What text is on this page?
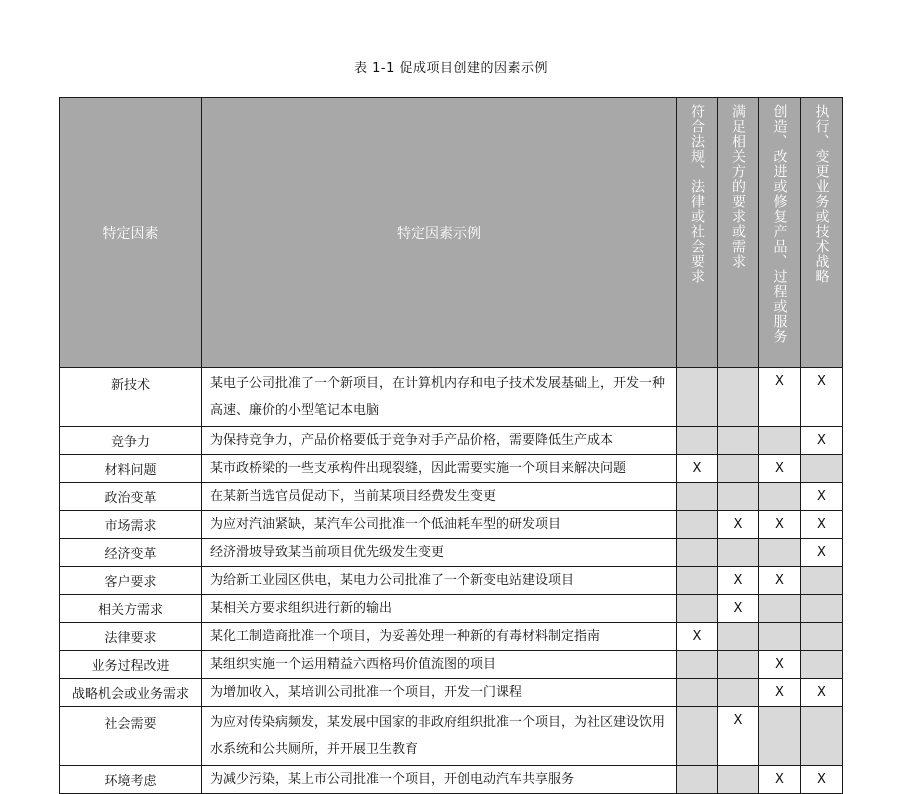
表 1-1 促成项目创建的因素示例
特定因素	特定因素示例	符合法规、法律或社会要求	满足相关方的要求或需求	创造、改进或修复产品、过程或服务	执行、变更业务或技术战略
新技术	某电子公司批准了一个新项目，在计算机内存和电子技术发展基础上，开发一种高速、廉价的小型笔记本电脑			X	X
竞争力	为保持竞争力，产品价格要低于竞争对手产品价格，需要降低生产成本				X
材料问题	某市政桥梁的一些支承构件出现裂缝，因此需要实施一个项目来解决问题	X		X	
政治变革	在某新当选官员促动下，当前某项目经费发生变更				X
市场需求	为应对汽油紧缺，某汽车公司批准一个低油耗车型的研发项目		X	X	X
经济变革	经济滑坡导致某当前项目优先级发生变更				X
客户要求	为给新工业园区供电，某电力公司批准了一个新变电站建设项目		X	X	
相关方需求	某相关方要求组织进行新的输出		X		
法律要求	某化工制造商批准一个项目，为妥善处理一种新的有毒材料制定指南	X			
业务过程改进	某组织实施一个运用精益六西格玛价值流图的项目			X	
战略机会或业务需求	为增加收入，某培训公司批准一个项目，开发一门课程			X	X
社会需要	为应对传染病频发，某发展中国家的非政府组织批准一个项目，为社区建设饮用水系统和公共厕所，并开展卫生教育		X		
环境考虑	为减少污染，某上市公司批准一个项目，开创电动汽车共享服务			X	X
